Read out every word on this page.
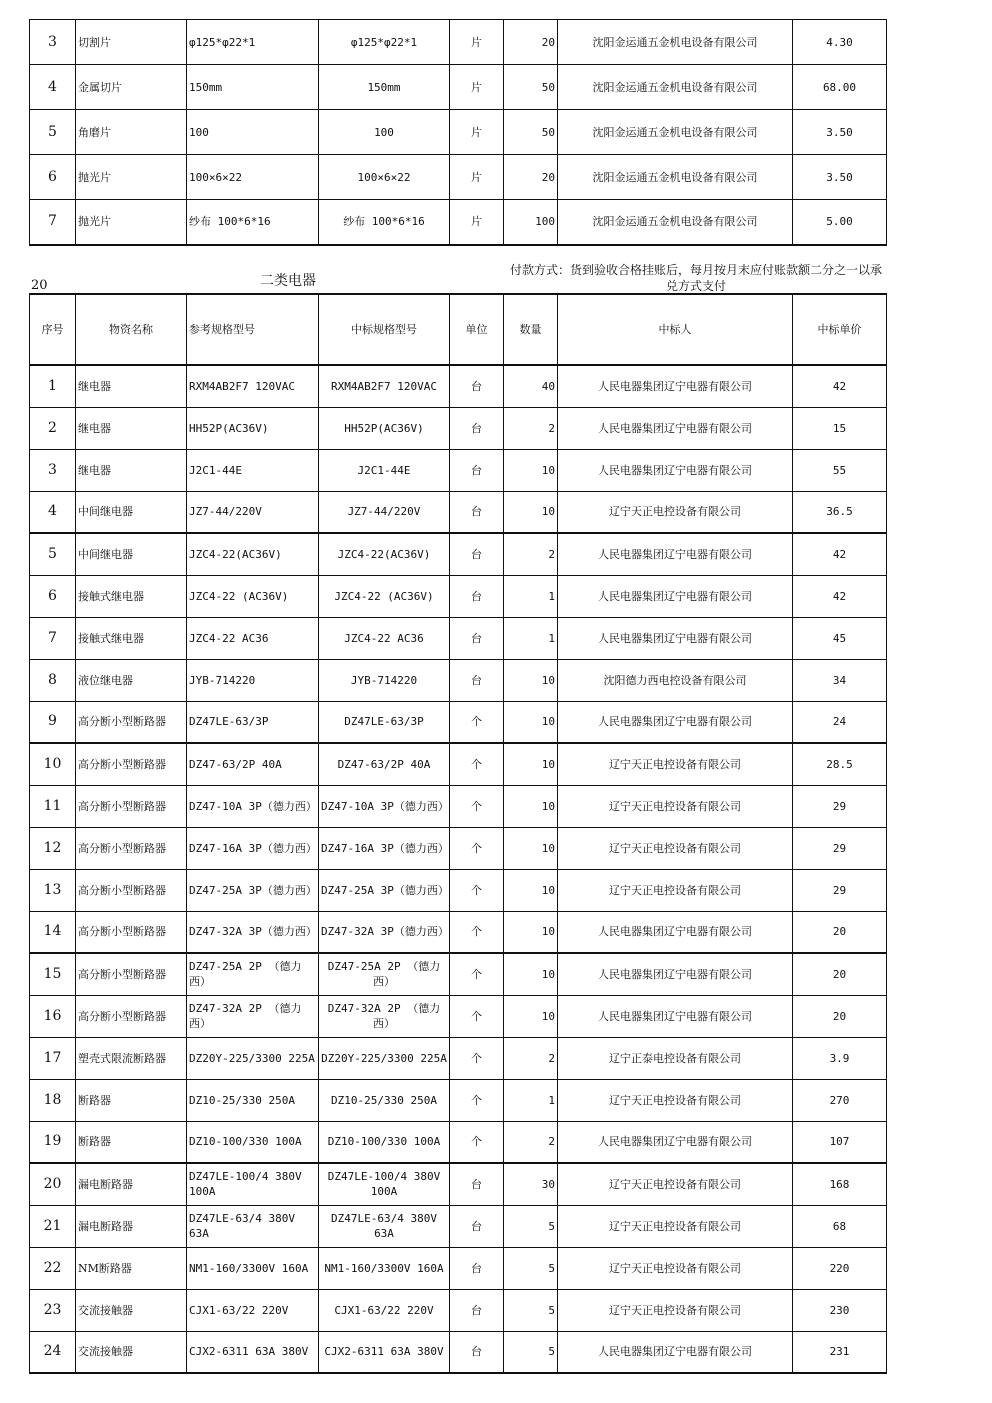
3	切割片	φ125*φ22*1	φ125*φ22*1	片	20	沈阳金运通五金机电设备有限公司	4.30
4	金属切片	150mm	150mm	片	50	沈阳金运通五金机电设备有限公司	68.00
5	角磨片	100	100	片	50	沈阳金运通五金机电设备有限公司	3.50
6	抛光片	100×6×22	100×6×22	片	20	沈阳金运通五金机电设备有限公司	3.50
7	抛光片	纱布 100*6*16	纱布 100*6*16	片	100	沈阳金运通五金机电设备有限公司	5.00
20	二类电器
付款方式：货到验收合格挂账后，每月按月末应付账款额二分之一以承兑方式支付
序号	物资名称	参考规格型号	中标规格型号	单位	数量	中标人	中标单价
1	继电器	RXM4AB2F7 120VAC	RXM4AB2F7 120VAC	台	40	人民电器集团辽宁电器有限公司	42
2	继电器	HH52P(AC36V)	HH52P(AC36V)	台	2	人民电器集团辽宁电器有限公司	15
3	继电器	J2C1-44E	J2C1-44E	台	10	人民电器集团辽宁电器有限公司	55
4	中间继电器	JZ7-44/220V	JZ7-44/220V	台	10	辽宁天正电控设备有限公司	36.5
5	中间继电器	JZC4-22(AC36V)	JZC4-22(AC36V)	台	2	人民电器集团辽宁电器有限公司	42
6	接触式继电器	JZC4-22 (AC36V)	JZC4-22 (AC36V)	台	1	人民电器集团辽宁电器有限公司	42
7	接触式继电器	JZC4-22 AC36	JZC4-22 AC36	台	1	人民电器集团辽宁电器有限公司	45
8	液位继电器	JYB-714220	JYB-714220	台	10	沈阳德力西电控设备有限公司	34
9	高分断小型断路器	DZ47LE-63/3P	DZ47LE-63/3P	个	10	人民电器集团辽宁电器有限公司	24
10	高分断小型断路器	DZ47-63/2P 40A	DZ47-63/2P 40A	个	10	辽宁天正电控设备有限公司	28.5
11	高分断小型断路器	DZ47-10A 3P（德力西）	DZ47-10A 3P（德力西）	个	10	辽宁天正电控设备有限公司	29
12	高分断小型断路器	DZ47-16A 3P（德力西）	DZ47-16A 3P（德力西）	个	10	辽宁天正电控设备有限公司	29
13	高分断小型断路器	DZ47-25A 3P（德力西）	DZ47-25A 3P（德力西）	个	10	辽宁天正电控设备有限公司	29
14	高分断小型断路器	DZ47-32A 3P（德力西）	DZ47-32A 3P（德力西）	个	10	人民电器集团辽宁电器有限公司	20
15	高分断小型断路器	DZ47-25A 2P （德力西）	DZ47-25A 2P （德力西）	个	10	人民电器集团辽宁电器有限公司	20
16	高分断小型断路器	DZ47-32A 2P （德力西）	DZ47-32A 2P （德力西）	个	10	人民电器集团辽宁电器有限公司	20
17	塑壳式限流断路器	DZ20Y-225/3300 225A	DZ20Y-225/3300 225A	个	2	辽宁正泰电控设备有限公司	3.9
18	断路器	DZ10-25/330 250A	DZ10-25/330 250A	个	1	辽宁天正电控设备有限公司	270
19	断路器	DZ10-100/330 100A	DZ10-100/330 100A	个	2	人民电器集团辽宁电器有限公司	107
20	漏电断路器	DZ47LE-100/4 380V 100A	DZ47LE-100/4 380V 100A	台	30	辽宁天正电控设备有限公司	168
21	漏电断路器	DZ47LE-63/4 380V 63A	DZ47LE-63/4 380V 63A	台	5	辽宁天正电控设备有限公司	68
22	NM断路器	NM1-160/3300V 160A	NM1-160/3300V 160A	台	5	辽宁天正电控设备有限公司	220
23	交流接触器	CJX1-63/22 220V	CJX1-63/22 220V	台	5	辽宁天正电控设备有限公司	230
24	交流接触器	CJX2-6311 63A 380V	CJX2-6311 63A 380V	台	5	人民电器集团辽宁电器有限公司	231
